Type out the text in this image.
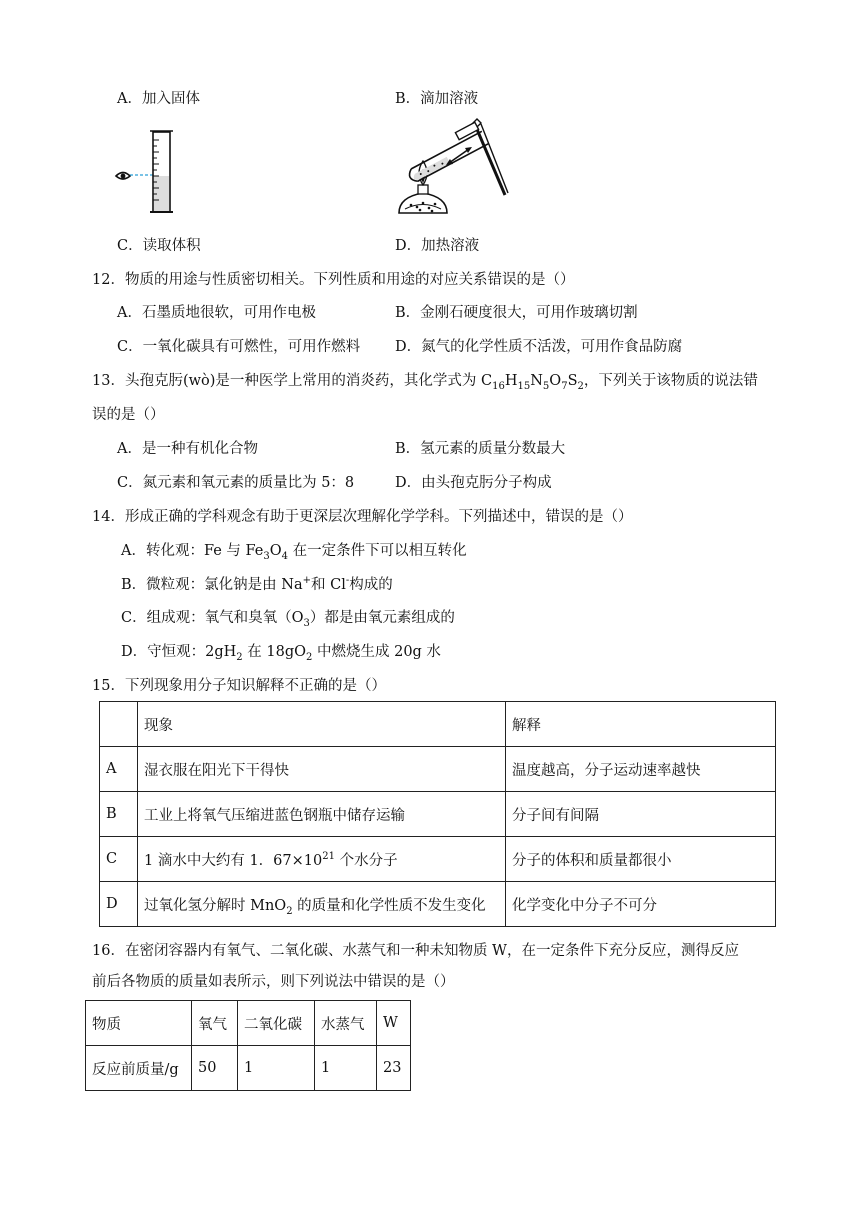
A．加入固体	B．滴加溶液
C．读取体积	D．加热溶液
12．物质的用途与性质密切相关。下列性质和用途的对应关系错误的是（）
A．石墨质地很软，可用作电极	B．金刚石硬度很大，可用作玻璃切割
C．一氧化碳具有可燃性，可用作燃料 D．氮气的化学性质不活泼，可用作食品防腐
13．头孢克肟(wò)是一种医学上常用的消炎药，其化学式为 $C_{16}H_{15}N_5O_7S_2$，下列关于该物质的说法错
误的是（）
A．是一种有机化合物	B．氢元素的质量分数最大
C．氮元素和氧元素的质量比为 5：8	D．由头孢克肟分子构成
14．形成正确的学科观念有助于更深层次理解化学学科。下列描述中，错误的是（）
A．转化观：Fe 与 $Fe_3O_4$ 在一定条件下可以相互转化
B．微粒观：氯化钠是由 Na+和 Cl-构成的
C．组成观：氧气和臭氧$(O_3)$都是由氧元素组成的
D．守恒观：$2gH_2$ 在 $18gO_2$ 中燃烧生成 20g 水
15．下列现象用分子知识解释不正确的是（）
	现象	解释
A	湿衣服在阳光下干得快	温度越高，分子运动速率越快
B	工业上将氧气压缩进蓝色钢瓶中储存运输	分子间有间隔
C	1 滴水中大约有 1．$67\times 10^{21}$ 个水分子	分子的体积和质量都很小
D	过氧化氢分解时 MnO$_2$ 的质量和化学性质不发生变化	化学变化中分子不可分
16．在密闭容器内有氧气、二氧化碳、水蒸气和一种未知物质 W，在一定条件下充分反应，测得反应
前后各物质的质量如表所示，则下列说法中错误的是（）
物质	氧气	二氧化碳	水蒸气	W
反应前质量/g	50	1	1	23
